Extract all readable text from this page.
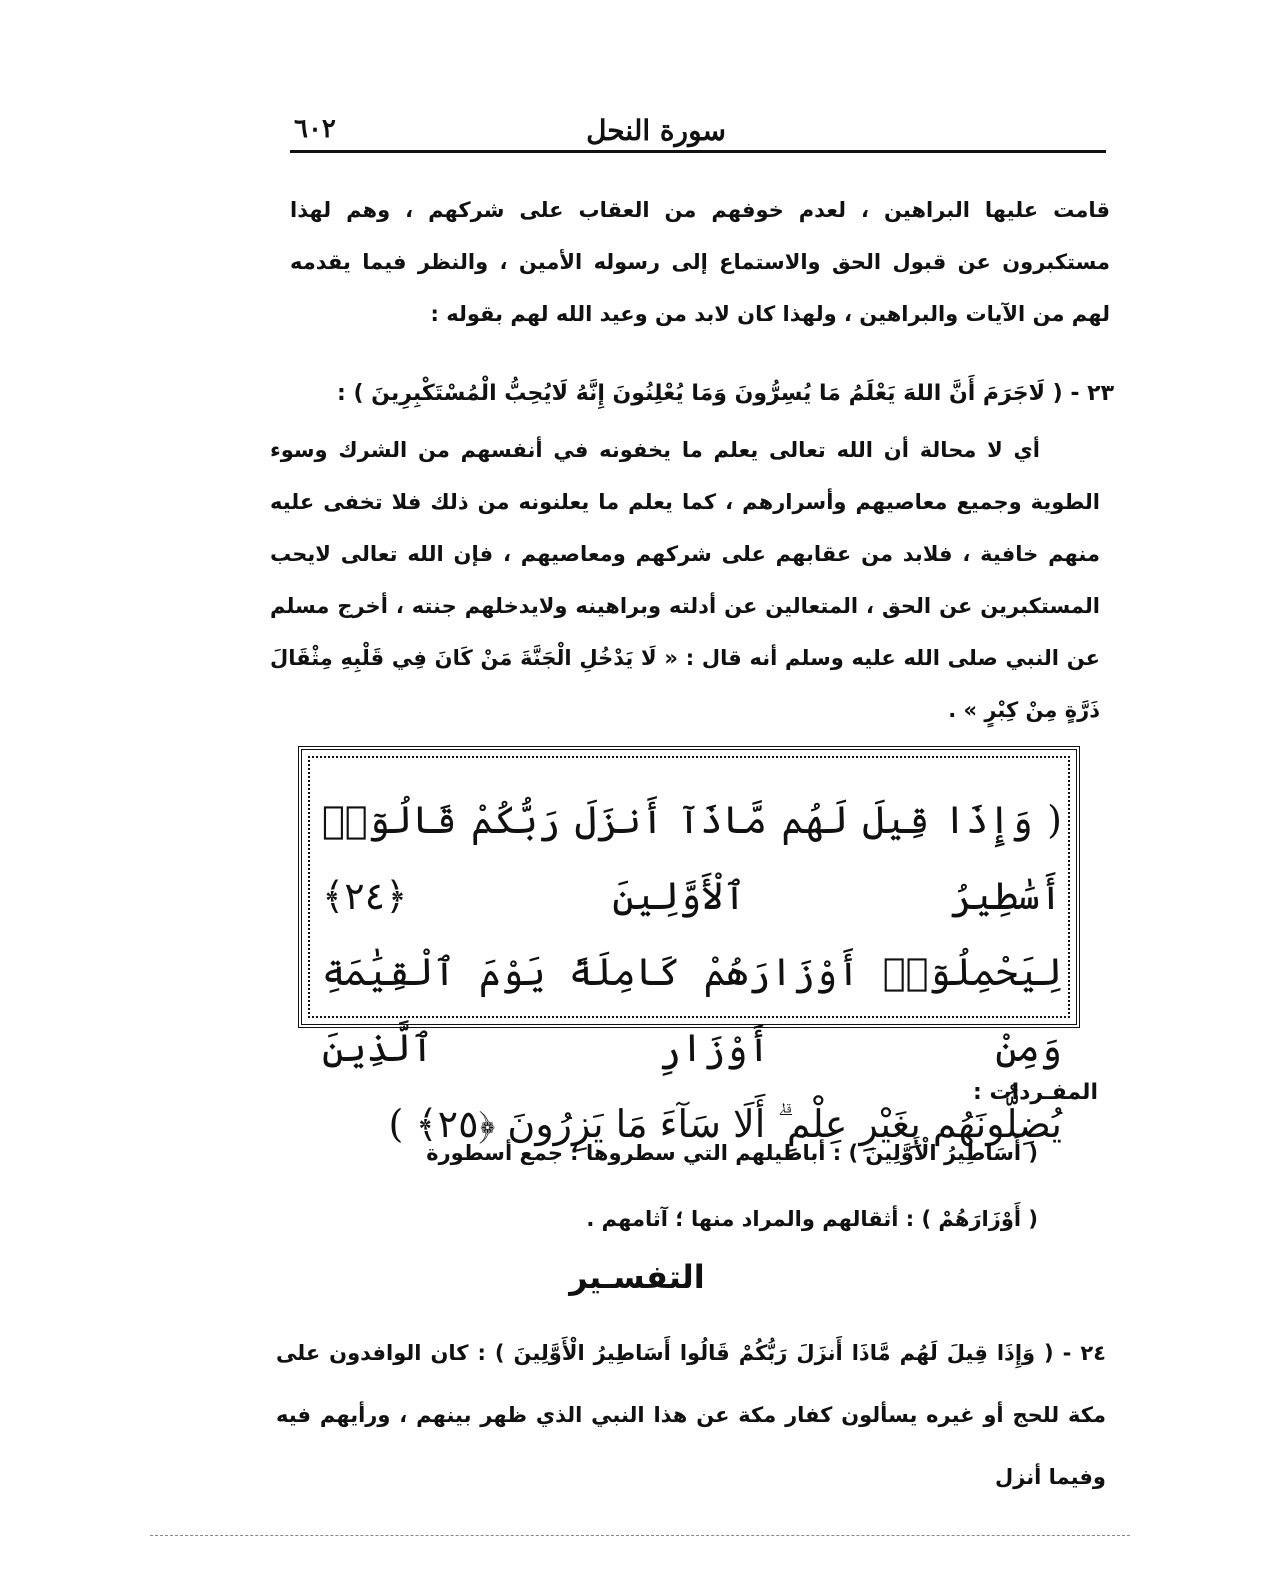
سورة النحل
٦٠٢

قامت عليها البراهين ، لعدم خوفهم من العقاب على شركهم ، وهم لهذا مستكبرون عن قبول الحق والاستماع إلى رسوله الأمين ، والنظر فيما يقدمه لهم من الآيات والبراهين ، ولهذا كان لابد من وعيد الله لهم بقوله :

٢٣ - ( لَاجَرَمَ أَنَّ اللهَ يَعْلَمُ مَا يُسِرُّونَ وَمَا يُعْلِنُونَ إِنَّهُ لَايُحِبُّ الْمُسْتَكْبِرِينَ ) :

أي لا محالة أن الله تعالى يعلم ما يخفونه في أنفسهم من الشرك وسوء الطوية وجميع معاصيهم وأسرارهم ، كما يعلم ما يعلنونه من ذلك فلا تخفى عليه منهم خافية ، فلابد من عقابهم على شركهم ومعاصيهم ، فإن الله تعالى لايحب المستكبرين عن الحق ، المتعالين عن أدلته وبراهينه ولايدخلهم جنته ، أخرج مسلم عن النبي صلى الله عليه وسلم أنه قال : « لَا يَدْخُلِ الْجَنَّةَ مَنْ كَانَ فِي قَلْبِهِ مِثْقَالَ ذَرَّةٍ مِنْ كِبْرٍ » .

( وَإِذَا قِيلَ لَهُم مَّاذَآ أَنزَلَ رَبُّكُمْ قَالُوٓا۟ أَسَٰطِيرُ ٱلْأَوَّلِينَ ﴿٢٤﴾

لِيَحْمِلُوٓا۟ أَوْزَارَهُمْ كَامِلَةً يَوْمَ ٱلْقِيَٰمَةِ وَمِنْ أَوْزَارِ ٱلَّذِينَ

يُضِلُّونَهُم بِغَيْرِ عِلْمٍ ۗ أَلَا سَآءَ مَا يَزِرُونَ ﴿٢٥﴾ )

المفـردات :
( أَسَاطِيرُ الْأَوَّلِينَ ) : أباطيلهم التي سطروها ؛ جمع أسطورة
( أَوْزَارَهُمْ ) : أثقالهم والمراد منها ؛ آثامهم .
التفسـير

٢٤ - ( وَإِذَا قِيلَ لَهُم مَّاذَا أَنزَلَ رَبُّكُمْ قَالُوا أَسَاطِيرُ الْأَوَّلِينَ ) : كان الوافدون على مكة للحج أو غيره يسألون كفار مكة عن هذا النبي الذي ظهر بينهم ، ورأيهم فيه وفيما أنزل
